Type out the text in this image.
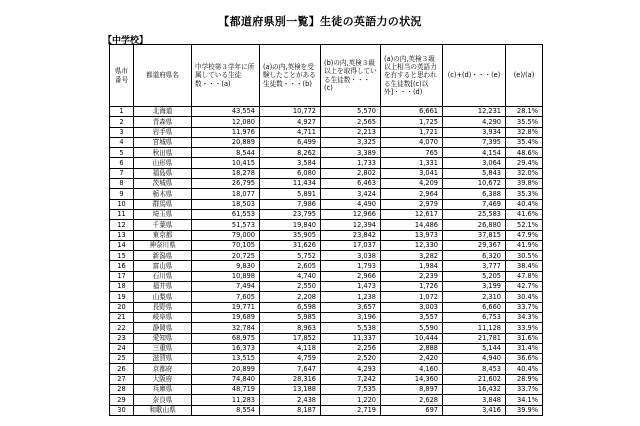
【都道府県別一覧】生徒の英語力の状況
【中学校】
県市番号	都道府県名	中学校第３学年に所属している生徒数・・・(a)	(a)の内,英検を受験したことがある生徒数・・・(b)	(b)の内,英検３級以上を取得している生徒数・・・(c)	(a)の内,英検３級以上相当の英語力を有すると思われる生徒数[(c)以外]・・・(d)	(c)+(d)・・・(e)	(e)/(a)
1	北海道	43,554	10,772	5,570	6,661	12,231	28.1%
2	青森県	12,080	4,927	2,565	1,725	4,290	35.5%
3	岩手県	11,976	4,711	2,213	1,721	3,934	32.8%
4	宮城県	20,889	6,499	3,325	4,070	7,395	35.4%
5	秋田県	8,544	8,262	3,389	765	4,154	48.6%
6	山形県	10,415	3,584	1,733	1,331	3,064	29.4%
7	福島県	18,278	6,080	2,802	3,041	5,843	32.0%
8	茨城県	26,795	11,434	6,463	4,209	10,672	39.8%
9	栃木県	18,077	5,891	3,424	2,964	6,388	35.3%
10	群馬県	18,503	7,986	4,490	2,979	7,469	40.4%
11	埼玉県	61,553	23,795	12,966	12,617	25,583	41.6%
12	千葉県	51,573	19,840	12,394	14,486	26,880	52.1%
13	東京都	79,000	35,905	23,842	13,973	37,815	47.9%
14	神奈川県	70,105	31,626	17,037	12,330	29,367	41.9%
15	新潟県	20,725	5,752	3,038	3,282	6,320	30.5%
16	富山県	9,830	2,605	1,793	1,984	3,777	38.4%
17	石川県	10,898	4,740	2,966	2,239	5,205	47.8%
18	福井県	7,494	2,550	1,473	1,726	3,199	42.7%
19	山梨県	7,605	2,208	1,238	1,072	2,310	30.4%
20	長野県	19,771	6,598	3,657	3,003	6,660	33.7%
21	岐阜県	19,689	5,985	3,196	3,557	6,753	34.3%
22	静岡県	32,784	8,963	5,538	5,590	11,128	33.9%
23	愛知県	68,975	17,852	11,337	10,444	21,781	31.6%
24	三重県	16,373	4,118	2,256	2,888	5,144	31.4%
25	滋賀県	13,515	4,759	2,520	2,420	4,940	36.6%
26	京都府	20,899	7,647	4,293	4,160	8,453	40.4%
27	大阪府	74,840	28,316	7,242	14,360	21,602	28.9%
28	兵庫県	48,719	13,188	7,535	8,897	16,432	33.7%
29	奈良県	11,283	2,438	1,220	2,628	3,848	34.1%
30	和歌山県	8,554	8,187	2,719	697	3,416	39.9%
